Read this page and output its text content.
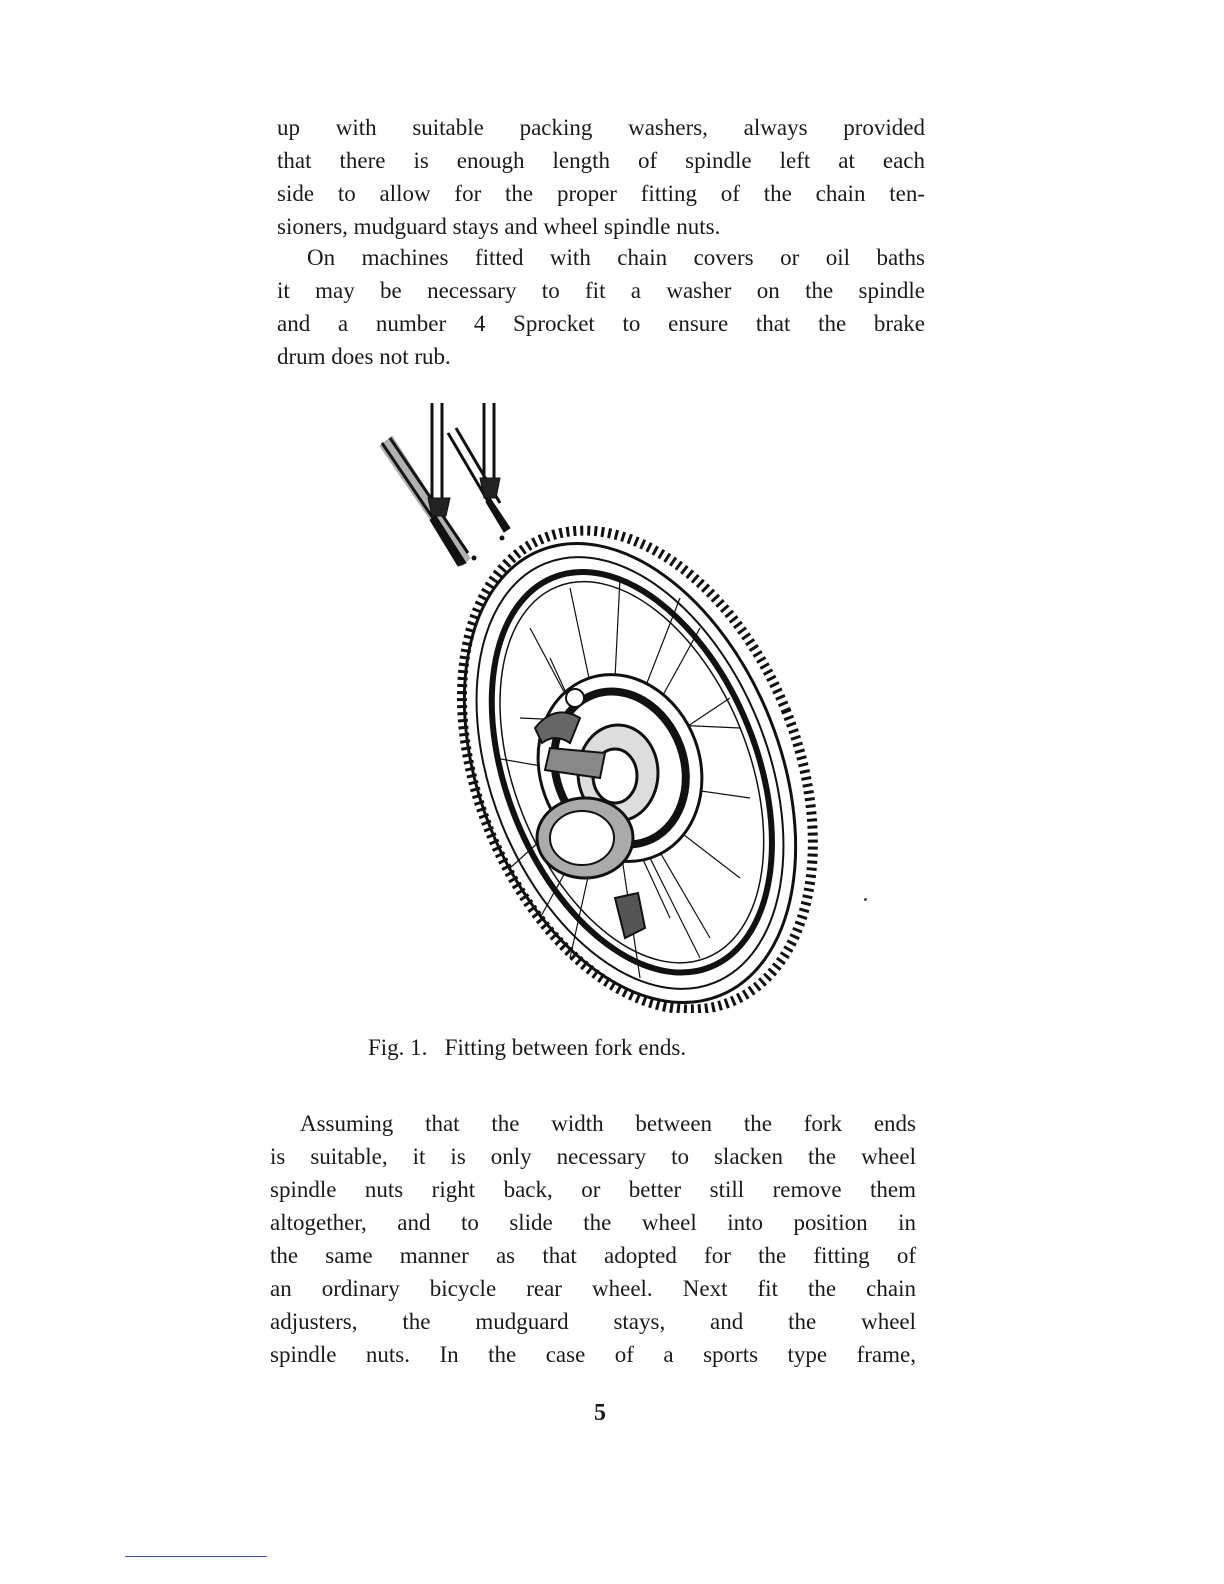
up with suitable packing washers, always provided
that there is enough length of spindle left at each
side to allow for the proper fitting of the chain ten-
sioners, mudguard stays and wheel spindle nuts.
On machines fitted with chain covers or oil baths
it may be necessary to fit a washer on the spindle
and a number 4 Sprocket to ensure that the brake
drum does not rub.
Fig. 1.   Fitting between fork ends.
Assuming that the width between the fork ends
is suitable, it is only necessary to slacken the wheel
spindle nuts right back, or better still remove them
altogether, and to slide the wheel into position in
the same manner as that adopted for the fitting of
an ordinary bicycle rear wheel. Next fit the chain
adjusters, the mudguard stays, and the wheel
spindle nuts. In the case of a sports type frame,
5
